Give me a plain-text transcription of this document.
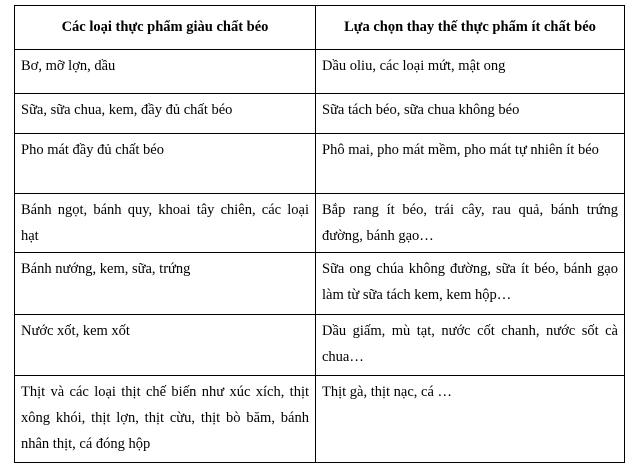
Các loại thực phẩm giàu chất béo	Lựa chọn thay thế thực phẩm ít chất béo
Bơ, mỡ lợn, dầu	Dầu oliu, các loại mứt, mật ong
Sữa, sữa chua, kem, đầy đủ chất béo	Sữa tách béo, sữa chua không béo
Pho mát đầy đủ chất béo	Phô mai, pho mát mềm, pho mát tự nhiên ít béo
Bánh ngọt, bánh quy, khoai tây chiên, các loại hạt	Bắp rang ít béo, trái cây, rau quả, bánh trứng đường, bánh gạo…
Bánh nướng, kem, sữa, trứng	Sữa ong chúa không đường, sữa ít béo, bánh gạo làm từ sữa tách kem, kem hộp…
Nước xốt, kem xốt	Dầu giấm, mù tạt, nước cốt chanh, nước sốt cà chua…
Thịt và các loại thịt chế biến như xúc xích, thịt xông khói, thịt lợn, thịt cừu, thịt bò băm, bánh nhân thịt, cá đóng hộp	Thịt gà, thịt nạc, cá …
